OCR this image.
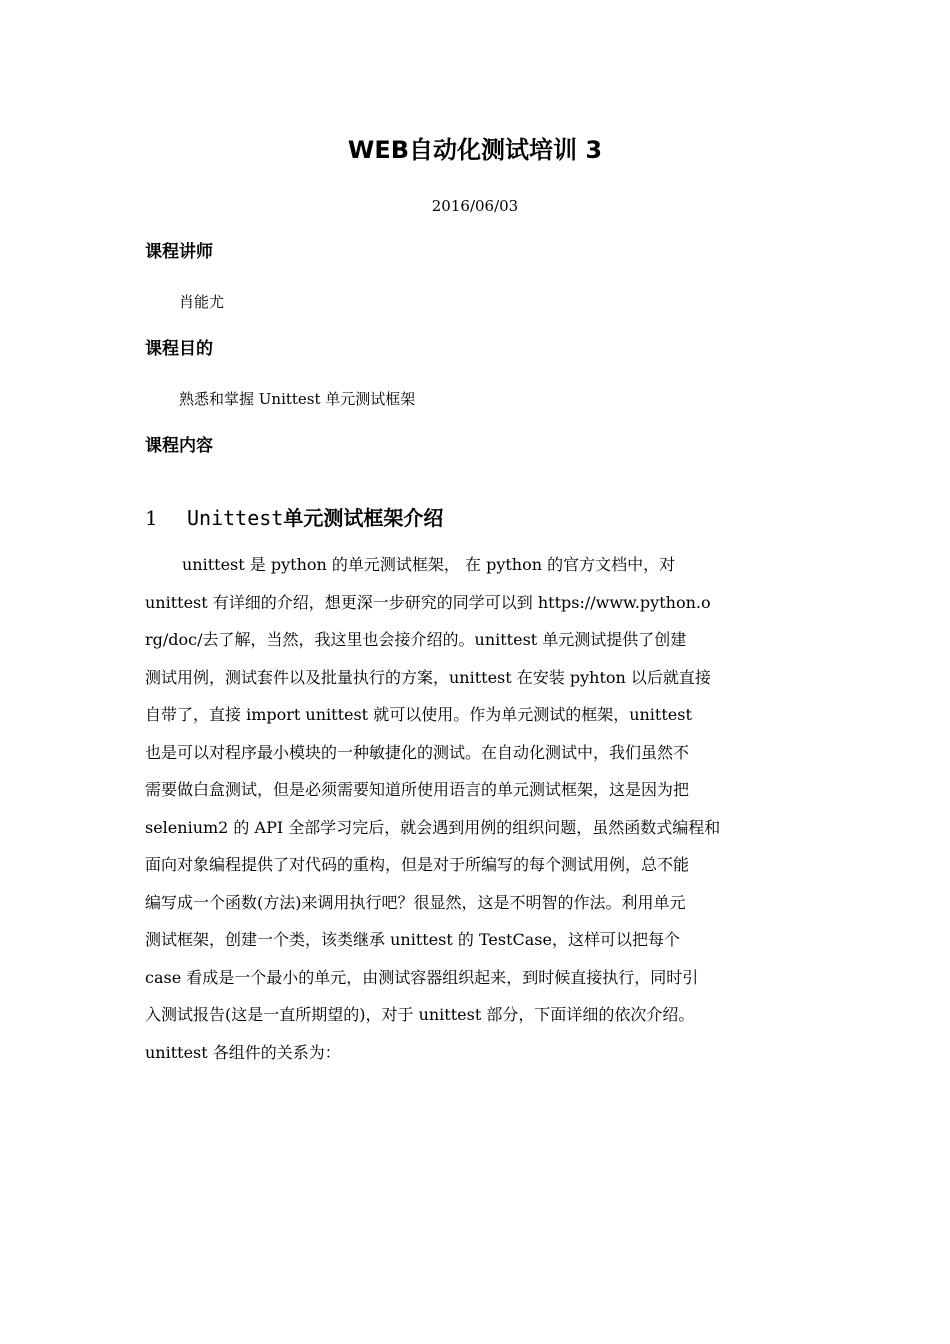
WEB自动化测试培训 3
2016/06/03
课程讲师
肖能尤
课程目的
熟悉和掌握 Unittest 单元测试框架
课程内容
1 Unittest单元测试框架介绍
unittest 是 python 的单元测试框架， 在 python 的官方文档中，对
unittest 有详细的介绍，想更深一步研究的同学可以到 https://www.python.o
rg/doc/去了解，当然，我这里也会接介绍的。unittest 单元测试提供了创建
测试用例，测试套件以及批量执行的方案，unittest 在安装 pyhton 以后就直接
自带了，直接 import unittest 就可以使用。作为单元测试的框架，unittest
也是可以对程序最小模块的一种敏捷化的测试。在自动化测试中，我们虽然不
需要做白盒测试，但是必须需要知道所使用语言的单元测试框架，这是因为把
selenium2 的 API 全部学习完后，就会遇到用例的组织问题，虽然函数式编程和
面向对象编程提供了对代码的重构，但是对于所编写的每个测试用例，总不能
编写成一个函数(方法)来调用执行吧？很显然，这是不明智的作法。利用单元
测试框架，创建一个类，该类继承 unittest 的 TestCase，这样可以把每个
case 看成是一个最小的单元，由测试容器组织起来，到时候直接执行，同时引
入测试报告(这是一直所期望的)，对于 unittest 部分，下面详细的依次介绍。
unittest 各组件的关系为：
